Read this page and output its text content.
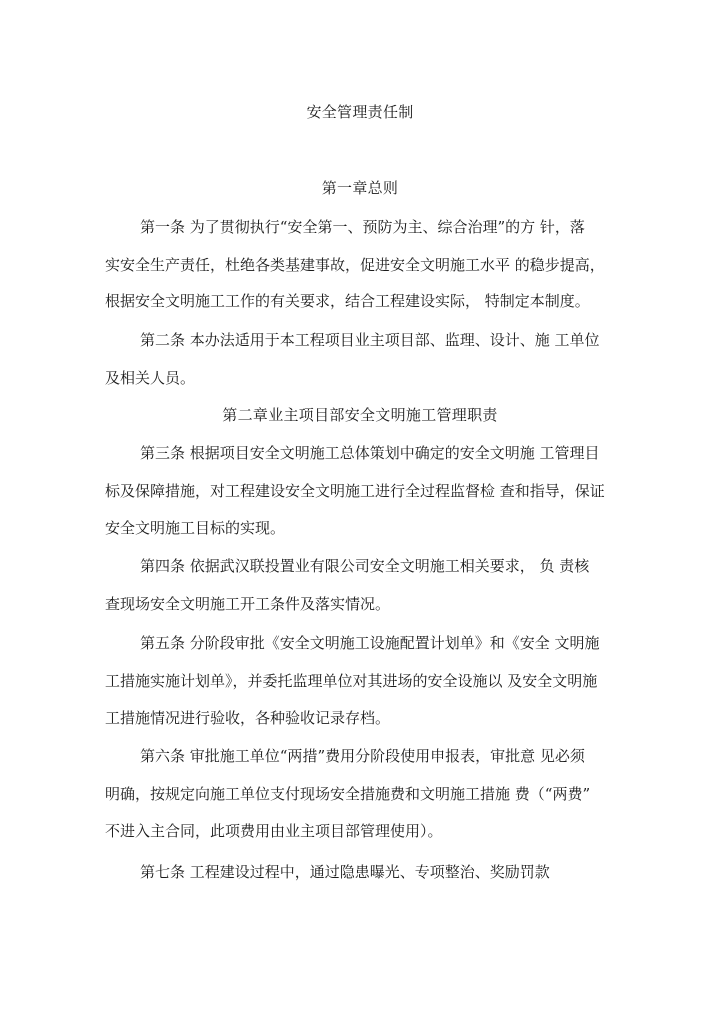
安全管理责任制
第一章总则
第一条 为了贯彻执行“安全第一、预防为主、综合治理”的方 针，落
实安全生产责任，杜绝各类基建事故，促进安全文明施工水平 的稳步提高，
根据安全文明施工工作的有关要求，结合工程建设实际， 特制定本制度。
第二条 本办法适用于本工程项目业主项目部、监理、设计、施 工单位
及相关人员。
第二章业主项目部安全文明施工管理职责
第三条 根据项目安全文明施工总体策划中确定的安全文明施 工管理目
标及保障措施，对工程建设安全文明施工进行全过程监督检 查和指导，保证
安全文明施工目标的实现。
第四条 依据武汉联投置业有限公司安全文明施工相关要求， 负 责核
查现场安全文明施工开工条件及落实情况。
第五条 分阶段审批《安全文明施工设施配置计划单》和《安全 文明施
工措施实施计划单》，并委托监理单位对其进场的安全设施以 及安全文明施
工措施情况进行验收，各种验收记录存档。
第六条 审批施工单位“两措”费用分阶段使用申报表，审批意 见必须
明确，按规定向施工单位支付现场安全措施费和文明施工措施 费（“两费”
不进入主合同，此项费用由业主项目部管理使用）。
第七条 工程建设过程中，通过隐患曝光、专项整治、奖励罚款
